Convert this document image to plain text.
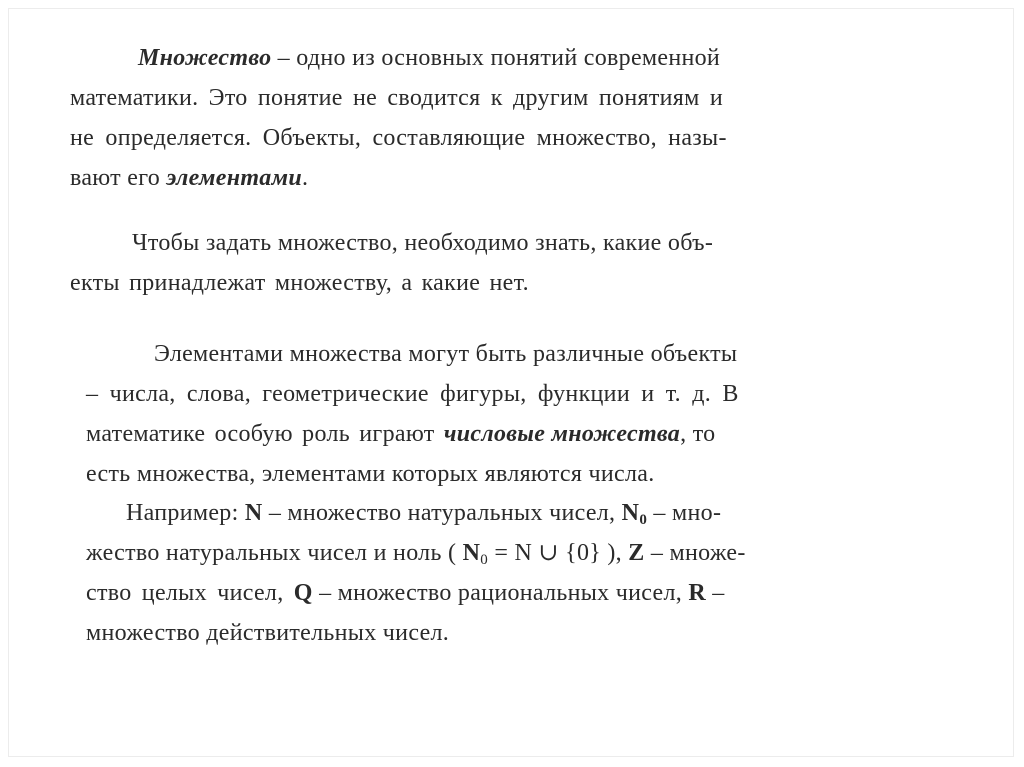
Множество – одно из основных понятий современной
математики. Это понятие не сводится к другим понятиям и
не определяется. Объекты, составляющие множество, назы-
вают его элементами.
Чтобы задать множество, необходимо знать, какие объ-
екты принадлежат множеству, а какие нет.
Элементами множества могут быть различные объекты
– числа, слова, геометрические фигуры, функции и т. д. В
математике особую роль играют числовые множества, то
есть множества, элементами которых являются числа.
Например: N – множество натуральных чисел, $N_0 - мно-$
жество натуральных чисел и ноль ( $N_0 = N$ ∪ {0} ), Z – множе-
ство целых чисел, Q – множество рациональных чисел, R –
множество действительных чисел.
